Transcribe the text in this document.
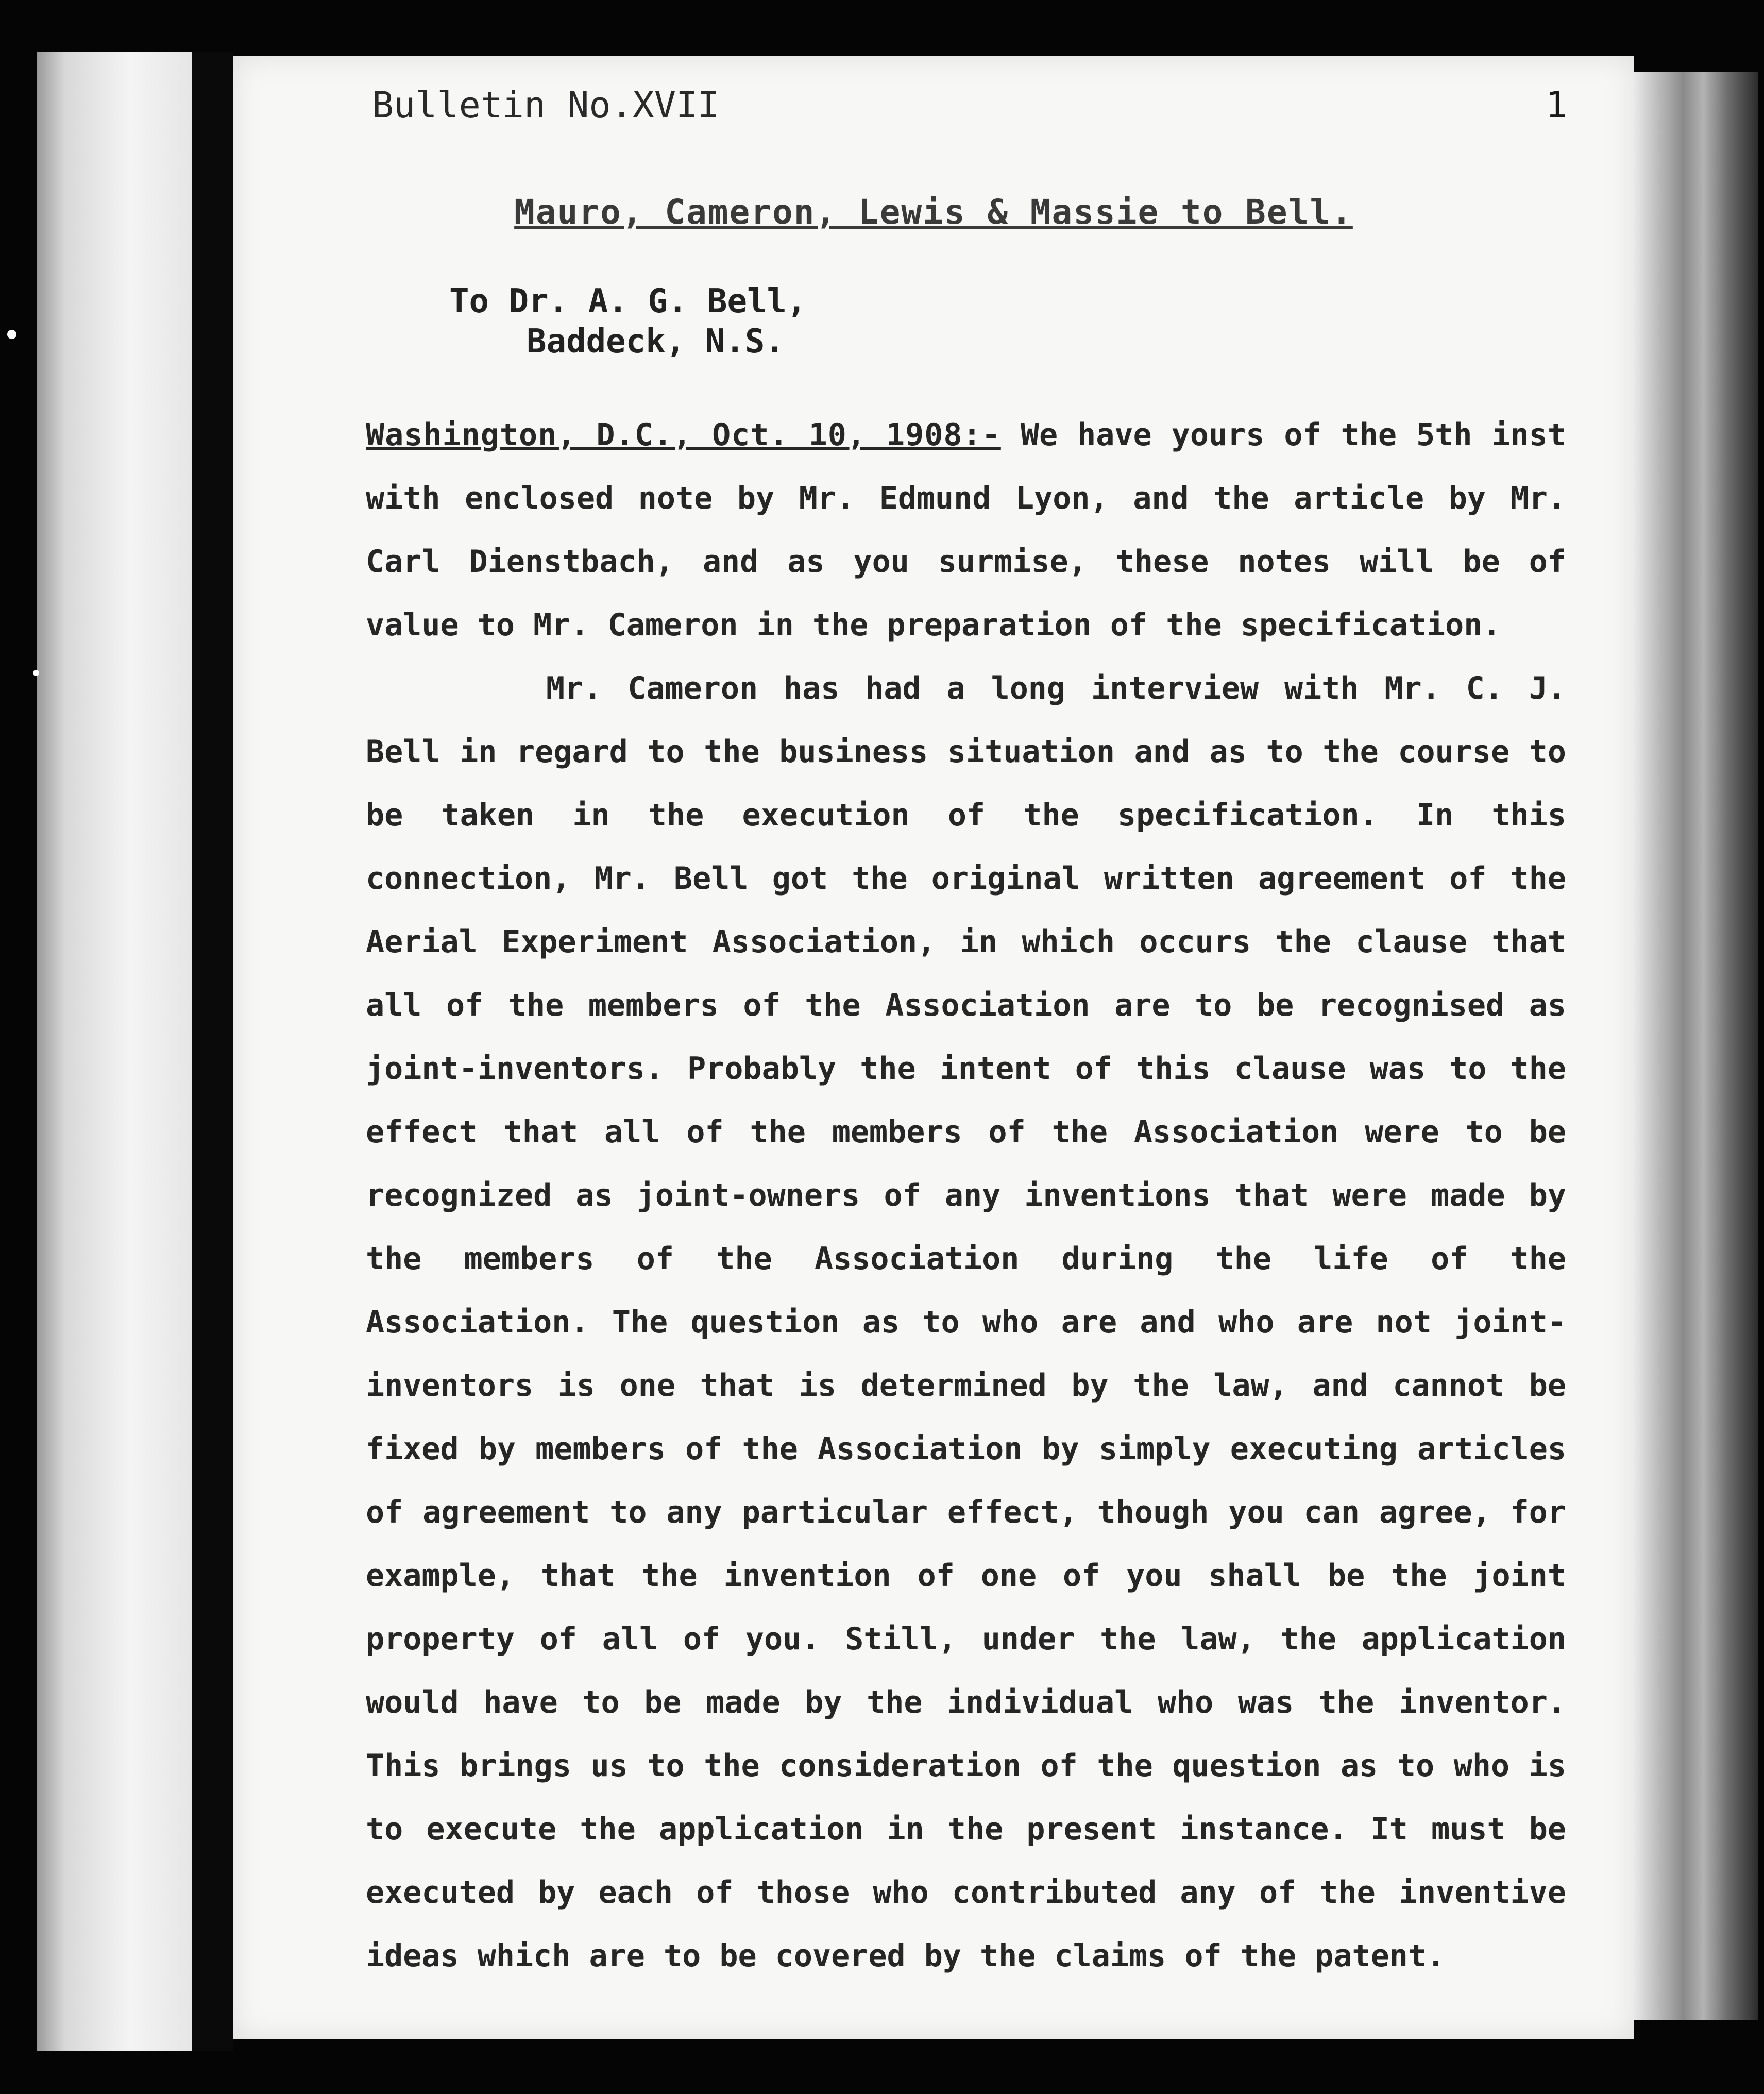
Bulletin No.XVII	1
Mauro, Cameron, Lewis & Massie to Bell.
To Dr. A. G. Bell,
Baddeck, N.S.

Washington, D.C., Oct. 10, 1908:- We have yours of the 5th inst with enclosed note by Mr. Edmund Lyon, and the article by Mr. Carl Dienstbach, and as you surmise, these notes will be of value to Mr. Cameron in the preparation of the specification.

Mr. Cameron has had a long interview with Mr. C. J. Bell in regard to the business situation and as to the course to be taken in the execution of the specification. In this connection, Mr. Bell got the original written agreement of the Aerial Experiment Association, in which occurs the clause that all of the members of the Association are to be recognised as joint-inventors. Probably the intent of this clause was to the effect that all of the members of the Association were to be recognized as joint-owners of any inventions that were made by the members of the Association during the life of the Association. The question as to who are and who are not joint-inventors is one that is determined by the law, and cannot be fixed by members of the Association by simply executing articles of agreement to any particular effect, though you can agree, for example, that the invention of one of you shall be the joint property of all of you. Still, under the law, the application would have to be made by the individual who was the inventor. This brings us to the consideration of the question as to who is to execute the application in the present instance. It must be executed by each of those who contributed any of the inventive ideas which are to be covered by the claims of the patent.
